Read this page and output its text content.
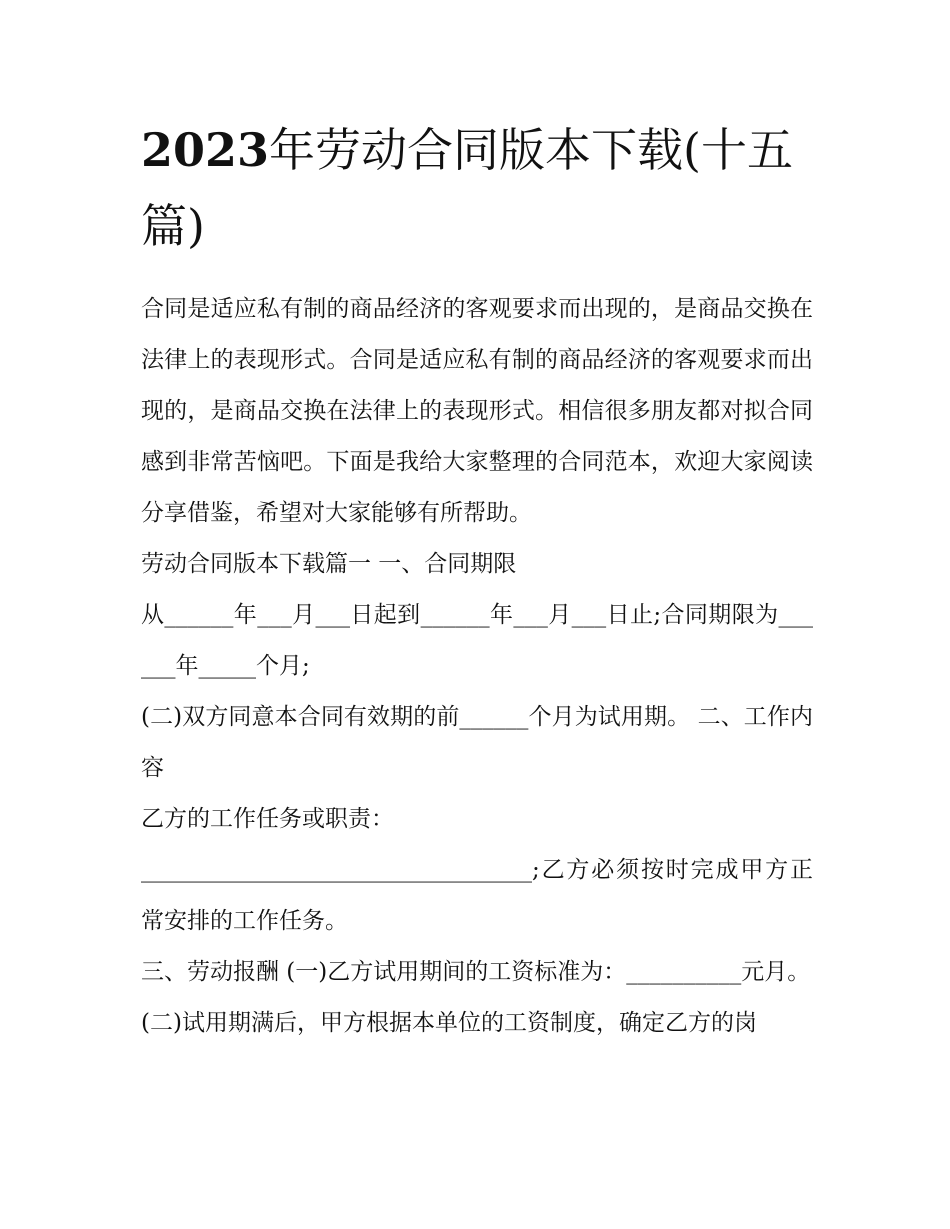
2023年劳动合同版本下载(十五篇)

合同是适应私有制的商品经济的客观要求而出现的，是商品交换在法律上的表现形式。合同是适应私有制的商品经济的客观要求而出现的，是商品交换在法律上的表现形式。相信很多朋友都对拟合同感到非常苦恼吧。下面是我给大家整理的合同范本，欢迎大家阅读分享借鉴，希望对大家能够有所帮助。

劳动合同版本下载篇一 一、合同期限

从______年___月___日起到______年___月___日止;合同期限为______年_____个月;

(二)双方同意本合同有效期的前______个月为试用期。 二、工作内容

乙方的工作任务或职责：

__________________________________;乙方必须按时完成甲方正常安排的工作任务。

三、劳动报酬 (一)乙方试用期间的工资标准为：__________元月。

(二)试用期满后，甲方根据本单位的工资制度，确定乙方的岗
